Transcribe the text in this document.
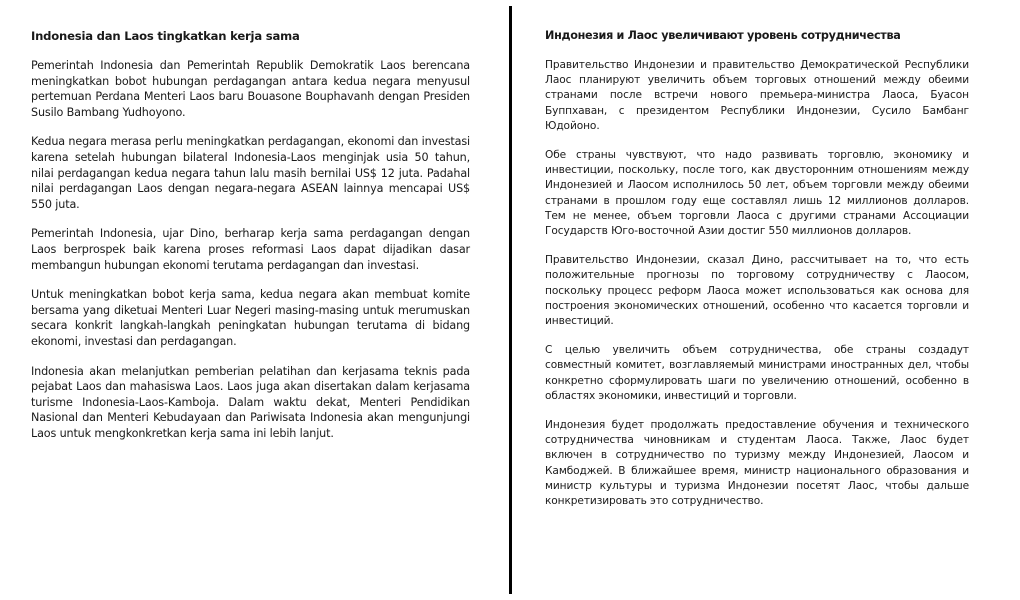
Indonesia dan Laos tingkatkan kerja sama

Pemerintah Indonesia dan Pemerintah Republik Demokratik Laos berencana meningkatkan bobot hubungan perdagangan antara kedua negara menyusul pertemuan Perdana Menteri Laos baru Bouasone Bouphavanh dengan Presiden Susilo Bambang Yudhoyono.

Kedua negara merasa perlu meningkatkan perdagangan, ekonomi dan investasi karena setelah hubungan bilateral Indonesia-Laos menginjak usia 50 tahun, nilai perdagangan kedua negara tahun lalu masih bernilai US$ 12 juta. Padahal nilai perdagangan Laos dengan negara-negara ASEAN lainnya mencapai US$ 550 juta.

Pemerintah Indonesia, ujar Dino, berharap kerja sama perdagangan dengan Laos berprospek baik karena proses reformasi Laos dapat dijadikan dasar membangun hubungan ekonomi terutama perdagangan dan investasi.

Untuk meningkatkan bobot kerja sama, kedua negara akan membuat komite bersama yang diketuai Menteri Luar Negeri masing-masing untuk merumuskan secara konkrit langkah-langkah peningkatan hubungan terutama di bidang ekonomi, investasi dan perdagangan.

Indonesia akan melanjutkan pemberian pelatihan dan kerjasama teknis pada pejabat Laos dan mahasiswa Laos. Laos juga akan disertakan dalam kerjasama turisme Indonesia-Laos-Kamboja. Dalam waktu dekat, Menteri Pendidikan Nasional dan Menteri Kebudayaan dan Pariwisata Indonesia akan mengunjungi Laos untuk mengkonkretkan kerja sama ini lebih lanjut.

Индонезия и Лаос увеличивают уровень сотрудничества

Правительство Индонезии и правительство Демократической Республики Лаос планируют увеличить объем торговых отношений между обеими странами после встречи нового премьера-министра Лаоса, Буасон Буппхаван, с президентом Республики Индонезии, Сусило Бамбанг Юдойоно.

Обе страны чувствуют, что надо развивать торговлю, экономику и инвестиции, поскольку, после того, как двусторонним отношениям между Индонезией и Лаосом исполнилось 50 лет, объем торговли между обеими странами в прошлом году еще составлял лишь 12 миллионов долларов. Тем не менее, объем торговли Лаоса с другими странами Ассоциации Государств Юго-восточной Азии достиг 550 миллионов долларов.

Правительство Индонезии, сказал Дино, рассчитывает на то, что есть положительные прогнозы по торговому сотрудничеству с Лаосом, поскольку процесс реформ Лаоса может использоваться как основа для построения экономических отношений, особенно что касается торговли и инвестиций.

С целью увеличить объем сотрудничества, обе страны создадут совместный комитет, возглавляемый министрами иностранных дел, чтобы конкретно сформулировать шаги по увеличению отношений, особенно в областях экономики, инвестиций и торговли.

Индонезия будет продолжать предоставление обучения и технического сотрудничества чиновникам и студентам Лаоса. Также, Лаос будет включен в сотрудничество по туризму между Индонезией, Лаосом и Камбоджей. В ближайшее время, министр национального образования и министр культуры и туризма Индонезии посетят Лаос, чтобы дальше конкретизировать это сотрудничество.
